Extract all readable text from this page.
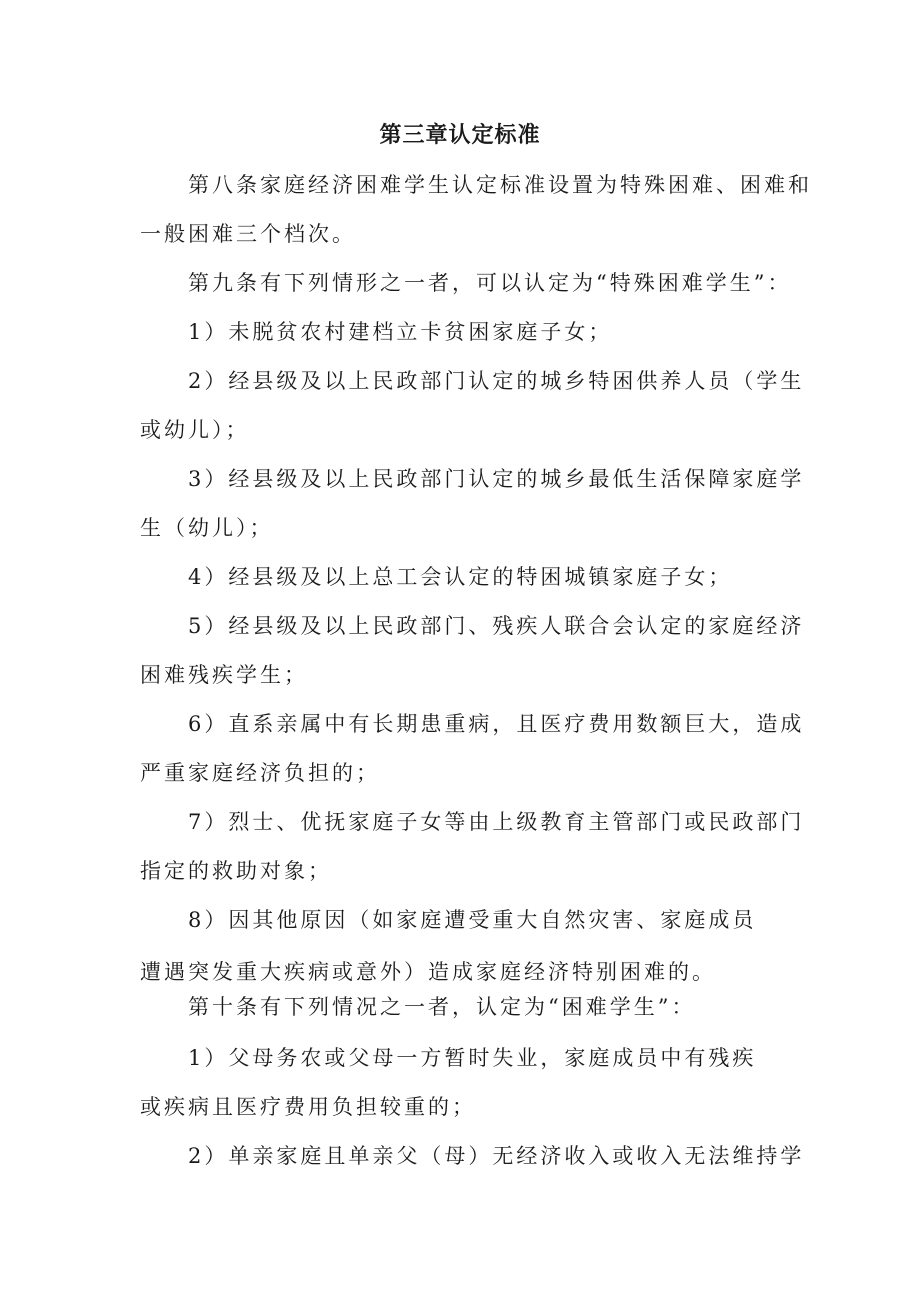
第三章认定标准
第八条家庭经济困难学生认定标准设置为特殊困难、困难和
一般困难三个档次。
第九条有下列情形之一者，可以认定为“特殊困难学生”：
1）未脱贫农村建档立卡贫困家庭子女；
2）经县级及以上民政部门认定的城乡特困供养人员（学生
或幼儿）；
3）经县级及以上民政部门认定的城乡最低生活保障家庭学
生（幼儿）；
4）经县级及以上总工会认定的特困城镇家庭子女；
5）经县级及以上民政部门、残疾人联合会认定的家庭经济
困难残疾学生；
6）直系亲属中有长期患重病，且医疗费用数额巨大，造成
严重家庭经济负担的；
7）烈士、优抚家庭子女等由上级教育主管部门或民政部门
指定的救助对象；
8）因其他原因（如家庭遭受重大自然灾害、家庭成员
遭遇突发重大疾病或意外）造成家庭经济特别困难的。
第十条有下列情况之一者，认定为“困难学生”：
1）父母务农或父母一方暂时失业，家庭成员中有残疾
或疾病且医疗费用负担较重的；
2）单亲家庭且单亲父（母）无经济收入或收入无法维持学
